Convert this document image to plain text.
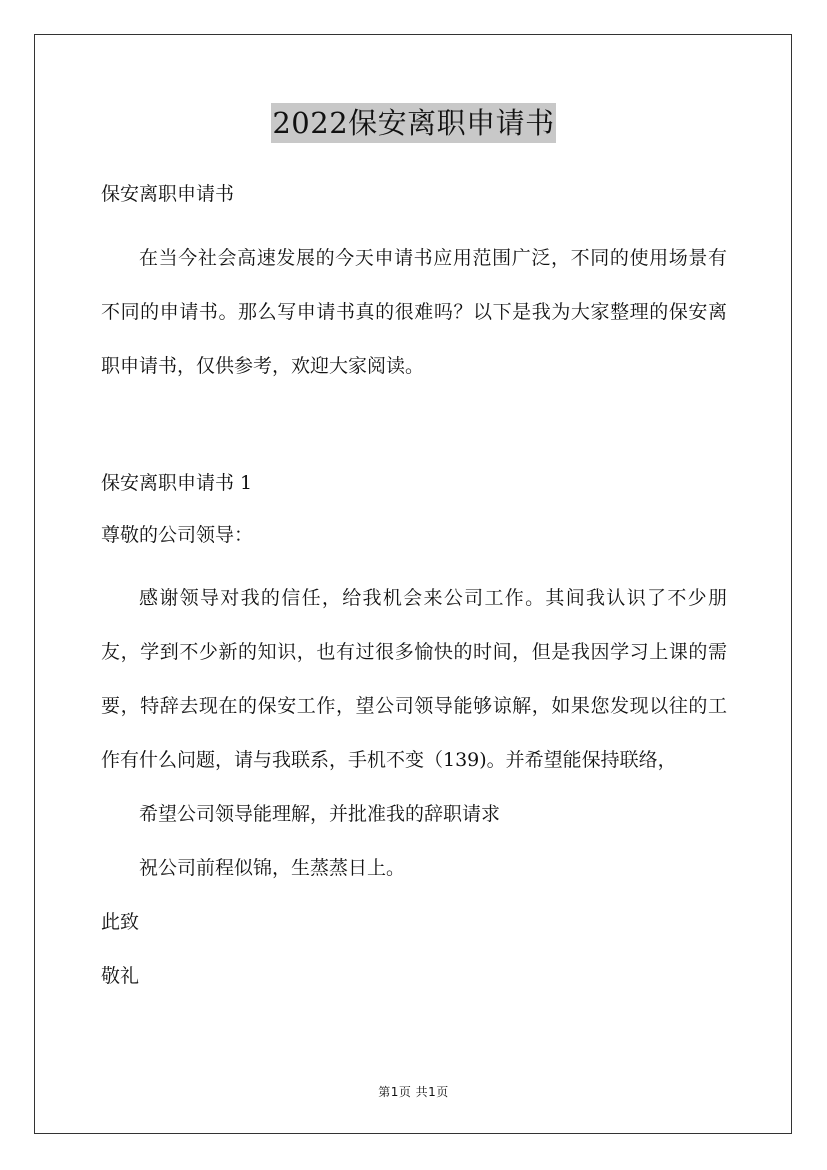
2022保安离职申请书

保安离职申请书

在当今社会高速发展的今天申请书应用范围广泛，不同的使用场景有不同的申请书。那么写申请书真的很难吗？以下是我为大家整理的保安离职申请书，仅供参考，欢迎大家阅读。

保安离职申请书 1

尊敬的公司领导：

感谢领导对我的信任，给我机会来公司工作。其间我认识了不少朋友，学到不少新的知识，也有过很多愉快的时间，但是我因学习上课的需要，特辞去现在的保安工作，望公司领导能够谅解，如果您发现以往的工作有什么问题，请与我联系，手机不变（139)。并希望能保持联络，

希望公司领导能理解，并批准我的辞职请求

祝公司前程似锦，生蒸蒸日上。

此致

敬礼

第1页 共1页
